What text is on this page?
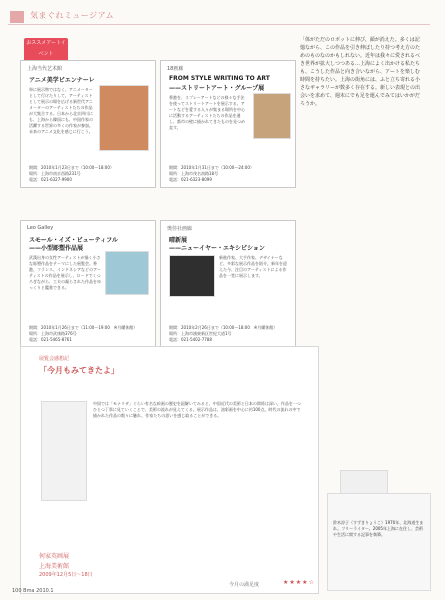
気まぐれミュージアム
おススメアートイベント
上海当代艺术館
アニメ美学ビエンナーレ
単に展示物ではなく、アニメーターとして行けたりして、アーティストとして展示の場を広げる新世代アニメーターのアーティストたちの作品が大集合する。日本から北京四川にも、上海から韓国にも、中国作家の活躍する世界の多くの作家が参加。未来のアニメ文化を感じに行こう。
期間：2010年1月23日まで（10:00〜18:00）
場所：上海市南京西路231号
電話：021-6327-9900
18画廊
FROM STYLE WRITING TO ART
——ストリートアート・グループ展
香港を、スプレーアートなどの様々な手法を使ってストリートアートを展示する。アートなどを愛する人々が集まる場所を中心に活動するアーティストたちの作品を通し、都市の壁に描かれてきたものを見つめ直す。
期間：2010年1月31日まで（10:00〜24:00）
場所：上海市茂名南路18号
電話：021-6323-8099
Leo Galley
スモール・イズ・ビューティフル
——小型彫塑作品展
武漢出身の女性アーティストが描く小さな彫塑作品をテーマにした展覧会。香港、フランス、インドネシアなどのアーティストの作品を展示し、ロードでくつろぎながら、工夫の凝らされた作品をゆっくりと鑑賞できる。
期間：2010年1月26日まで（11:00〜19:00　※月曜休館）
場所：上海市武康路376号
電話：021-5465-8761
奥佳社画廊
晴新展
——ニューイヤー・エキシビション
新進作家、大手作家、デザイナーなど、多彩な展示作品を紹介。新年を迎えた今、注目のアーティストによる作品を一堂に展示します。
期間：2010年2月26日まで（10:00〜18:00　※月曜休館）
場所：上海市浦東新区世紀大道1号
電話：021-5402-7788
「体がただのロボットに伸び、顔が消えた。多くは記憶ながら、この作品を引き伸ばしたり持つ考え方のためのものなのかもしれない。近年は我々に愛されるべき世界が拡大しつつある…上海によく出かける私たちも、こうした作品と向き合いながら、アートを楽しむ時間を持ちたい。上海の街角には、ふと立ち寄れる小さなギャラリーが数多く存在する。新しい表現との出会いを求めて、週末にでも足を運んでみてはいかがだろうか。
展覧会感想記
「今月もみてきたよ」
中国では「モナリザ」ぐらい有名な絵画の歴史を紐解いてみると、中国近代の美術と日本の関係は深い。作品を一つひとつ丁寧に見ていくことで、美術の流れが見えてくる。展示作品は、油彩画を中心に約100点。時代の流れの中で描かれた作品の数々に触れ、作家たちの思いを感じ取ることができる。
何家英画展
上海美術館
2009年12月5日〜18日
今月の満足度	★★★★☆
鈴木涼子（すずきりょうこ）1970年、北海道生まれ。フリーライター。2005年上海に在住し、芸術や生活に関する記事を執筆。
100 Bma 2010.1
